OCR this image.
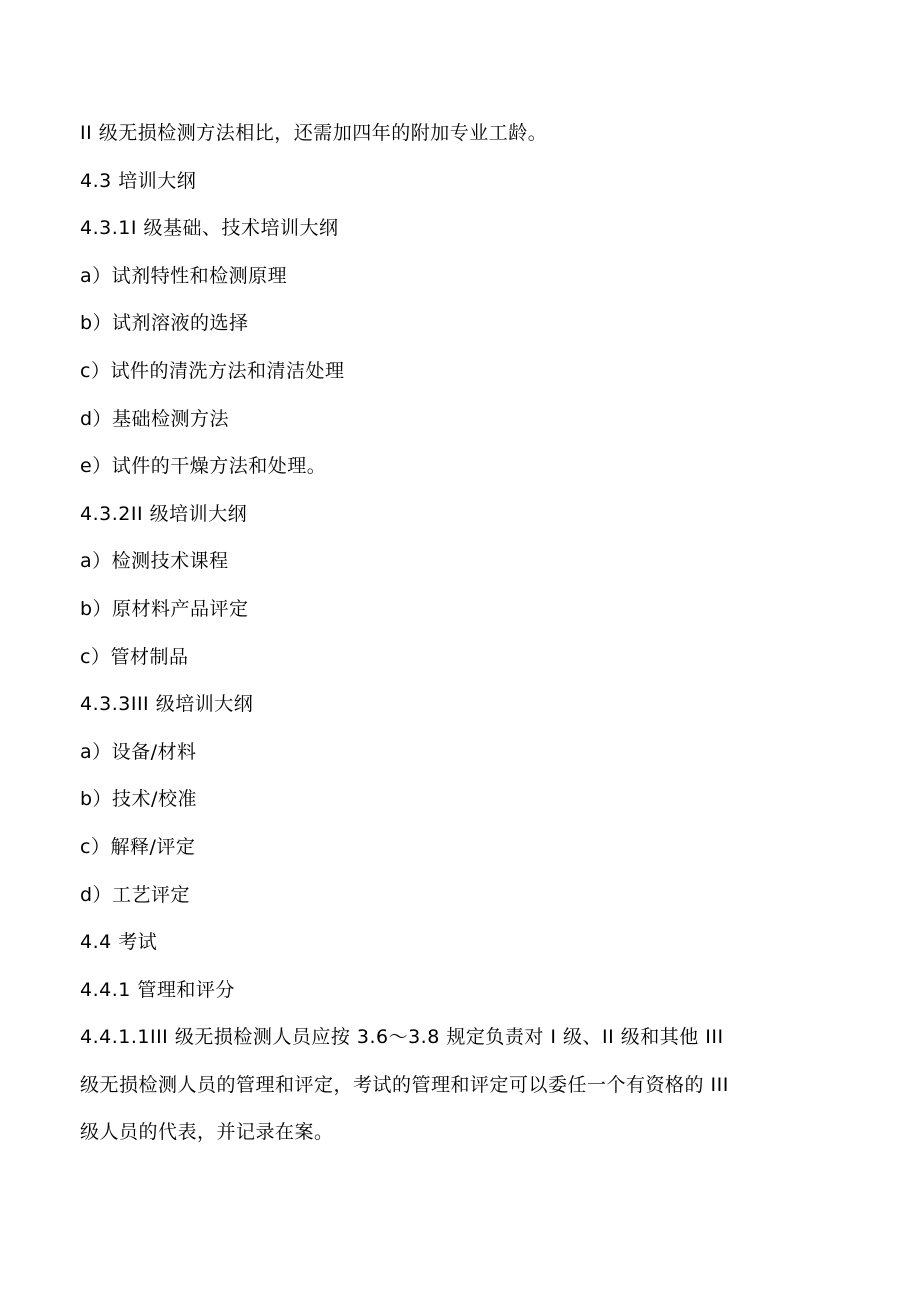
II 级无损检测方法相比，还需加四年的附加专业工龄。
4.3 培训大纲
4.3.1I 级基础、技术培训大纲
a）试剂特性和检测原理
b）试剂溶液的选择
c）试件的清洗方法和清洁处理
d）基础检测方法
e）试件的干燥方法和处理。
4.3.2II 级培训大纲
a）检测技术课程
b）原材料产品评定
c）管材制品
4.3.3III 级培训大纲
a）设备/材料
b）技术/校准
c）解释/评定
d）工艺评定
4.4 考试
4.4.1 管理和评分
4.4.1.1III 级无损检测人员应按 3.6～3.8 规定负责对 I 级、II 级和其他 III
级无损检测人员的管理和评定，考试的管理和评定可以委任一个有资格的 III
级人员的代表，并记录在案。
